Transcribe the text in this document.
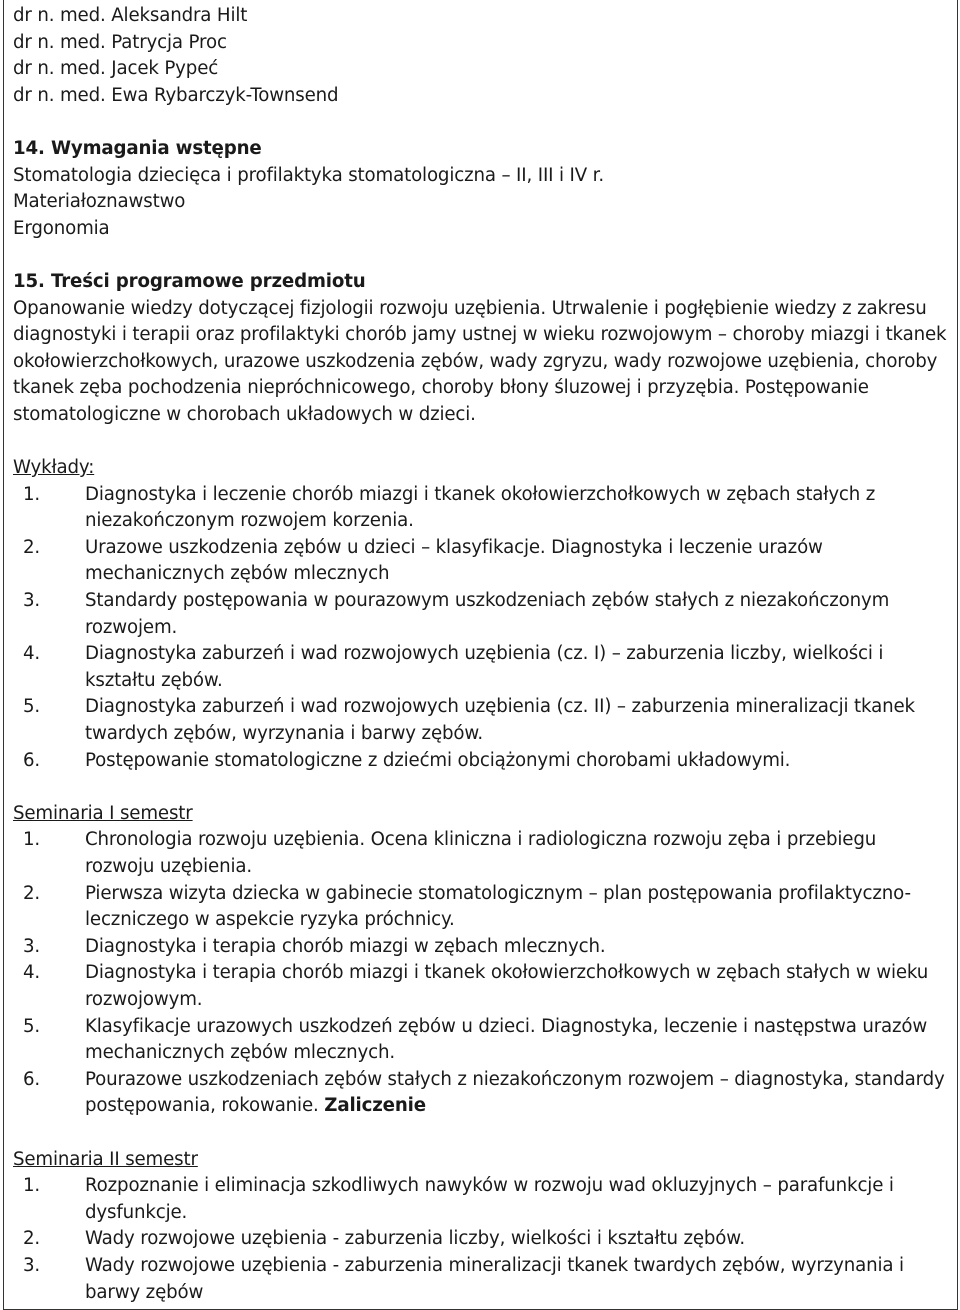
dr n. med. Aleksandra Hilt
dr n. med. Patrycja Proc
dr n. med. Jacek Pypeć
dr n. med. Ewa Rybarczyk-Townsend
14. Wymagania wstępne
Stomatologia dziecięca i profilaktyka stomatologiczna – II, III i IV r.
Materiałoznawstwo
Ergonomia
15. Treści programowe przedmiotu
Opanowanie wiedzy dotyczącej fizjologii rozwoju uzębienia. Utrwalenie i pogłębienie wiedzy z zakresu diagnostyki i terapii oraz profilaktyki chorób jamy ustnej w wieku rozwojowym – choroby miazgi i tkanek okołowierzchołkowych, urazowe uszkodzenia zębów, wady zgryzu, wady rozwojowe uzębienia, choroby tkanek zęba pochodzenia niepróchnicowego, choroby błony śluzowej i przyzębia. Postępowanie stomatologiczne w chorobach układowych w dzieci.
Wykłady:
1.	Diagnostyka i leczenie chorób miazgi i tkanek okołowierzchołkowych w zębach stałych z niezakończonym rozwojem korzenia.
2.	Urazowe uszkodzenia zębów u dzieci – klasyfikacje. Diagnostyka i leczenie urazów mechanicznych zębów mlecznych
3.	Standardy postępowania w pourazowym uszkodzeniach zębów stałych z niezakończonym rozwojem.
4.	Diagnostyka zaburzeń i wad rozwojowych uzębienia (cz. I) – zaburzenia liczby, wielkości i kształtu zębów.
5.	Diagnostyka zaburzeń i wad rozwojowych uzębienia (cz. II) – zaburzenia mineralizacji tkanek twardych zębów, wyrzynania i barwy zębów.
6.	Postępowanie stomatologiczne z dziećmi obciążonymi chorobami układowymi.
Seminaria I semestr
1.	Chronologia rozwoju uzębienia. Ocena kliniczna i radiologiczna rozwoju zęba i przebiegu rozwoju uzębienia.
2.	Pierwsza wizyta dziecka w gabinecie stomatologicznym – plan postępowania profilaktyczno-leczniczego w aspekcie ryzyka próchnicy.
3.	Diagnostyka i terapia chorób miazgi w zębach mlecznych.
4.	Diagnostyka i terapia chorób miazgi i tkanek okołowierzchołkowych w zębach stałych w wieku rozwojowym.
5.	Klasyfikacje urazowych uszkodzeń zębów u dzieci. Diagnostyka, leczenie i następstwa urazów mechanicznych zębów mlecznych.
6.	Pourazowe uszkodzeniach zębów stałych z niezakończonym rozwojem – diagnostyka, standardy postępowania, rokowanie. Zaliczenie
Seminaria II semestr
1.	Rozpoznanie i eliminacja szkodliwych nawyków w rozwoju wad okluzyjnych – parafunkcje i dysfunkcje.
2.	Wady rozwojowe uzębienia - zaburzenia liczby, wielkości i kształtu zębów.
3.	Wady rozwojowe uzębienia - zaburzenia mineralizacji tkanek twardych zębów, wyrzynania i barwy zębów
